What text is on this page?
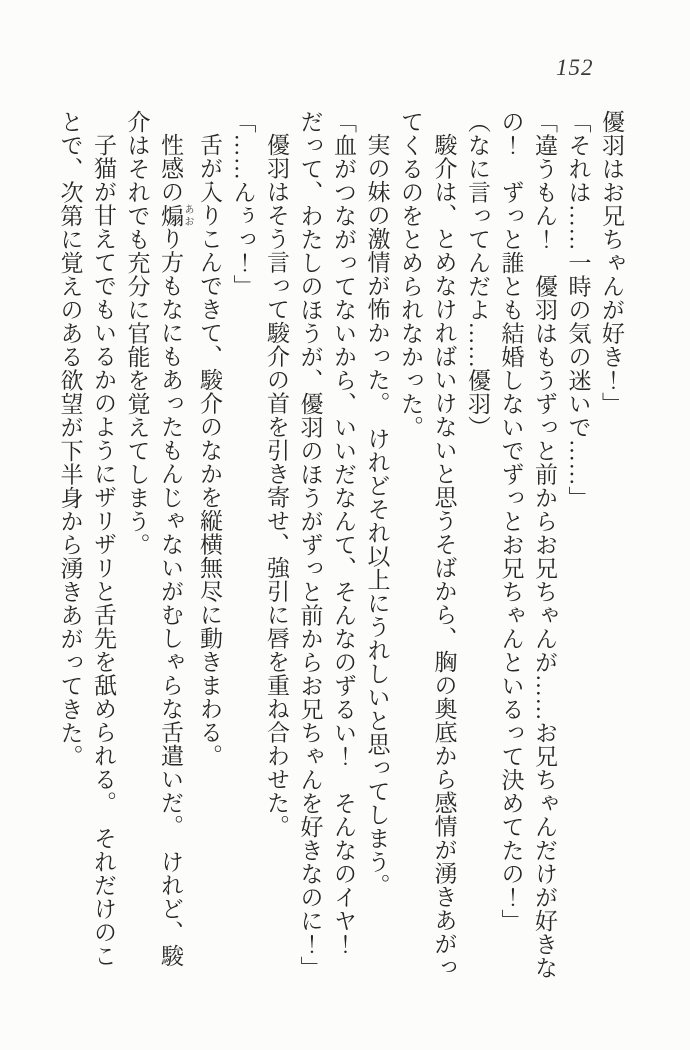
152

優羽はお兄ちゃんが好き！」

「それは……一時の気の迷いで……」

「違うもん！　優羽はもうずっと前からお兄ちゃんが……お兄ちゃんだけが好きなの！　ずっと誰とも結婚しないでずっとお兄ちゃんといるって決めてたの！」

（なに言ってんだよ……優羽）

駿介は、とめなければいけないと思うそばから、胸の奥底から感情が湧きあがってくるのをとめられなかった。

実の妹の激情が怖かった。　けれどそれ以上にうれしいと思ってしまう。

「血がつながってないから、いいだなんて、そんなのずるい！　そんなのイヤ！　だって、わたしのほうが、優羽のほうがずっと前からお兄ちゃんを好きなのに！」

優羽はそう言って駿介の首を引き寄せ、強引に唇を重ね合わせた。

「……んぅっ！」

舌が入りこんできて、駿介のなかを縦横無尽に動きまわる。

性感の煽 あおり方もなにもあったもんじゃないがむしゃらな舌遣いだ。　けれど、駿介はそれでも充分に官能を覚えてしまう。

子猫が甘えてでもいるかのようにザリザリと舌先を舐められる。　それだけのことで、次第に覚えのある欲望が下半身から湧きあがってきた。
